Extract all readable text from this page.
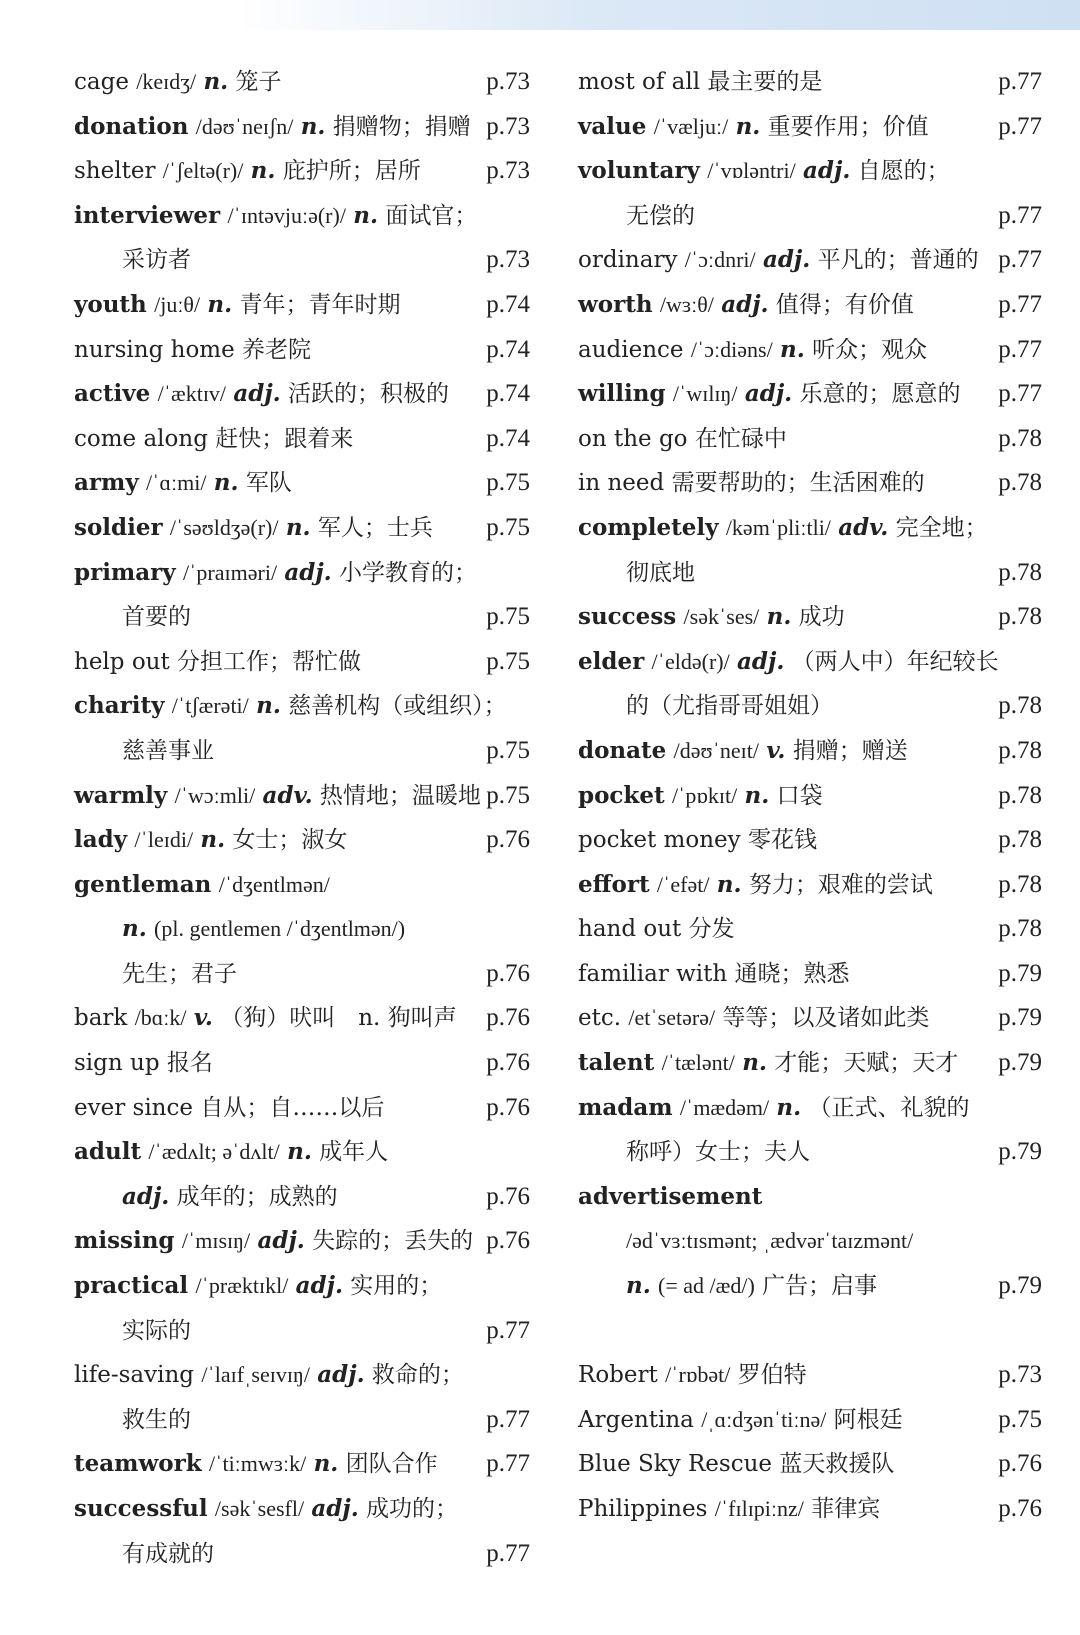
cage /keɪdʒ/ n. 笼子	p.73
donation /dəʊˈneɪʃn/ n. 捐赠物；捐赠 p.73
shelter /ˈʃeltə(r)/ n. 庇护所；居所	p.73
interviewer /ˈɪntəvjuːə(r)/ n. 面试官；
采访者	p.73
youth /juːθ/ n. 青年；青年时期	p.74
nursing home 养老院	p.74
active /ˈæktɪv/ adj. 活跃的；积极的 p.74
come along 赶快；跟着来	p.74
army /ˈɑːmi/ n. 军队	p.75
soldier /ˈsəʊldʒə(r)/ n. 军人；士兵 p.75
primary /ˈpraɪməri/ adj. 小学教育的；
首要的	p.75
help out 分担工作；帮忙做	p.75
charity /ˈtʃærəti/ n. 慈善机构（或组织）；
慈善事业	p.75
warmly /ˈwɔːmli/ adv. 热情地；温暖地 p.75
lady /ˈleɪdi/ n. 女士；淑女	p.76
gentleman /ˈdʒentlmən/
n. (pl. gentlemen /ˈdʒentlmən/)
先生；君子	p.76
bark /bɑːk/ v. （狗）吠叫　n. 狗叫声 p.76
sign up 报名	p.76
ever since 自从；自……以后	p.76
adult /ˈædʌlt; əˈdʌlt/ n. 成年人
adj. 成年的；成熟的	p.76
missing /ˈmɪsɪŋ/ adj. 失踪的；丢失的 p.76
practical /ˈpræktɪkl/ adj. 实用的；
实际的	p.77
life-saving /ˈlaɪfˌseɪvɪŋ/ adj. 救命的；
救生的	p.77
teamwork /ˈtiːmwɜːk/ n. 团队合作 p.77
successful /səkˈsesfl/ adj. 成功的；
有成就的	p.77
most of all 最主要的是	p.77
value /ˈvæljuː/ n. 重要作用；价值	p.77
voluntary /ˈvɒləntri/ adj. 自愿的；
无偿的	p.77
ordinary /ˈɔːdnri/ adj. 平凡的；普通的 p.77
worth /wɜːθ/ adj. 值得；有价值	p.77
audience /ˈɔːdiəns/ n. 听众；观众	p.77
willing /ˈwɪlɪŋ/ adj. 乐意的；愿意的 p.77
on the go 在忙碌中	p.78
in need 需要帮助的；生活困难的	p.78
completely /kəmˈpliːtli/ adv. 完全地；
彻底地	p.78
success /səkˈses/ n. 成功	p.78
elder /ˈeldə(r)/ adj. （两人中）年纪较长
的（尤指哥哥姐姐）	p.78
donate /dəʊˈneɪt/ v. 捐赠；赠送	p.78
pocket /ˈpɒkɪt/ n. 口袋	p.78
pocket money 零花钱	p.78
effort /ˈefət/ n. 努力；艰难的尝试	p.78
hand out 分发	p.78
familiar with 通晓；熟悉	p.79
etc. /etˈsetərə/ 等等；以及诸如此类	p.79
talent /ˈtælənt/ n. 才能；天赋；天才 p.79
madam /ˈmædəm/ n. （正式、礼貌的
称呼）女士；夫人	p.79
advertisement
/ədˈvɜːtɪsmənt; ˌædvərˈtaɪzmənt/
n. (= ad /æd/) 广告；启事	p.79
Robert /ˈrɒbət/ 罗伯特	p.73
Argentina /ˌɑːdʒənˈtiːnə/ 阿根廷	p.75
Blue Sky Rescue 蓝天救援队	p.76
Philippines /ˈfɪlɪpiːnz/ 菲律宾	p.76
